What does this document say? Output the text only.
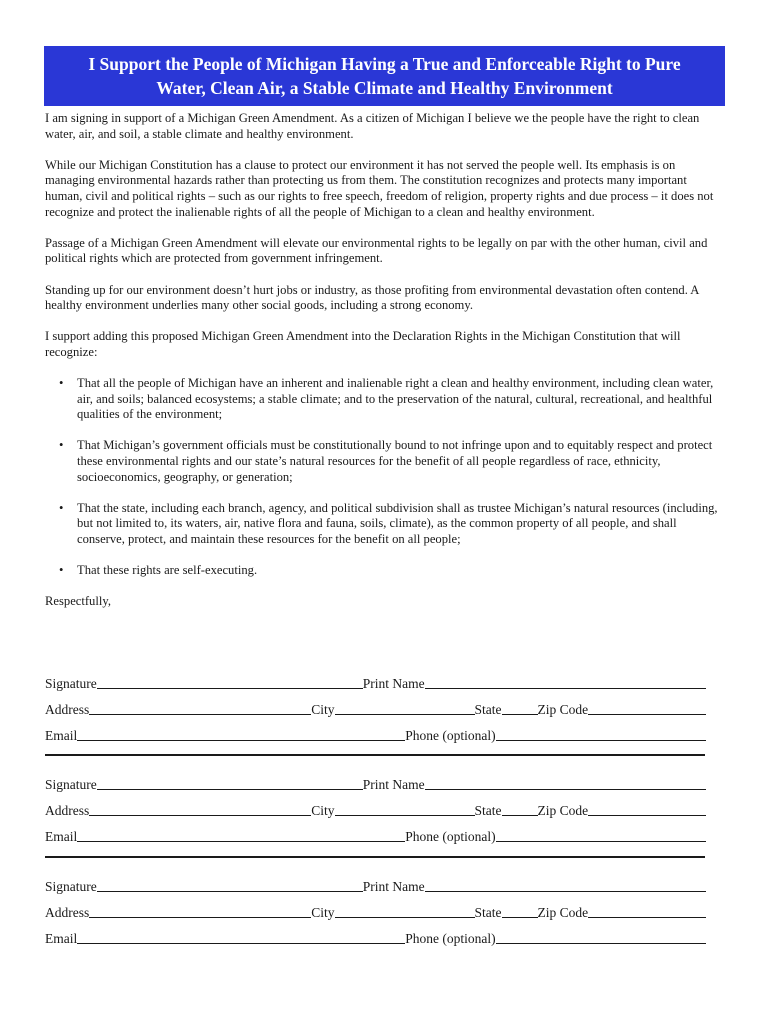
I Support the People of Michigan Having a True and Enforceable Right to Pure
Water, Clean Air, a Stable Climate and Healthy Environment

I am signing in support of a Michigan Green Amendment. As a citizen of Michigan I believe we the people have the right to clean water, air, and soil, a stable climate and healthy environment.

While our Michigan Constitution has a clause to protect our environment it has not served the people well. Its emphasis is on managing environmental hazards rather than protecting us from them. The constitution recognizes and protects many important human, civil and political rights – such as our rights to free speech, freedom of religion, property rights and due process – it does not recognize and protect the inalienable rights of all the people of Michigan to a clean and healthy environment.

Passage of a Michigan Green Amendment will elevate our environmental rights to be legally on par with the other human, civil and political rights which are protected from government infringement.

Standing up for our environment doesn’t hurt jobs or industry, as those profiting from environmental devastation often contend. A healthy environment underlies many other social goods, including a strong economy.

I support adding this proposed Michigan Green Amendment into the Declaration Rights in the Michigan Constitution that will recognize:

• That all the people of Michigan have an inherent and inalienable right a clean and healthy environment, including clean water, air, and soils; balanced ecosystems; a stable climate; and to the preservation of the natural, cultural, recreational, and healthful qualities of the environment;
• That Michigan’s government officials must be constitutionally bound to not infringe upon and to equitably respect and protect these environmental rights and our state’s natural resources for the benefit of all people regardless of race, ethnicity, socioeconomics, geography, or generation;
• That the state, including each branch, agency, and political subdivision shall as trustee Michigan’s natural resources (including, but not limited to, its waters, air, native flora and fauna, soils, climate), as the common property of all people, and shall conserve, protect, and maintain these resources for the benefit on all people;
• That these rights are self-executing.

Respectfully,

Signature	Print Name
Address	City	State	Zip Code
Email	Phone (optional)
Signature	Print Name
Address	City	State	Zip Code
Email	Phone (optional)
Signature	Print Name
Address	City	State	Zip Code
Email	Phone (optional)
